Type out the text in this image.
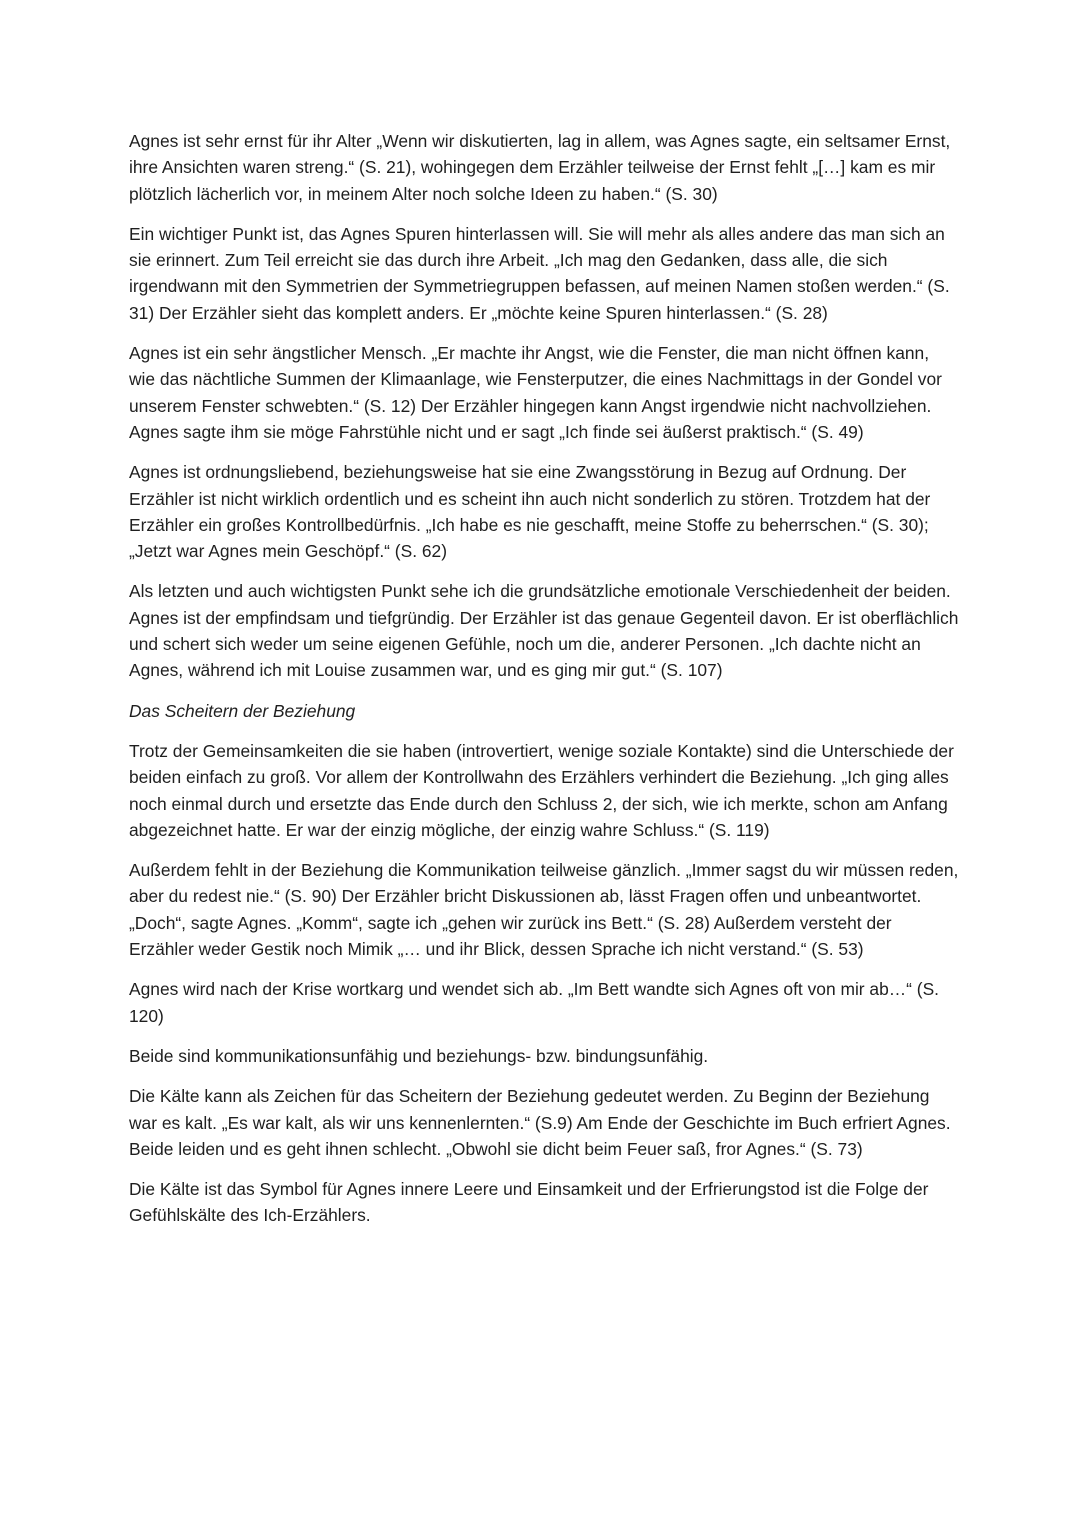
Agnes ist sehr ernst für ihr Alter „Wenn wir diskutierten, lag in allem, was Agnes sagte, ein seltsamer Ernst, ihre Ansichten waren streng.“ (S. 21), wohingegen dem Erzähler teilweise der Ernst fehlt „[…] kam es mir plötzlich lächerlich vor, in meinem Alter noch solche Ideen zu haben.“ (S. 30)

Ein wichtiger Punkt ist, das Agnes Spuren hinterlassen will. Sie will mehr als alles andere das man sich an sie erinnert. Zum Teil erreicht sie das durch ihre Arbeit. „Ich mag den Gedanken, dass alle, die sich irgendwann mit den Symmetrien der Symmetriegruppen befassen, auf meinen Namen stoßen werden.“ (S. 31) Der Erzähler sieht das komplett anders. Er „möchte keine Spuren hinterlassen.“ (S. 28)

Agnes ist ein sehr ängstlicher Mensch. „Er machte ihr Angst, wie die Fenster, die man nicht öffnen kann, wie das nächtliche Summen der Klimaanlage, wie Fensterputzer, die eines Nachmittags in der Gondel vor unserem Fenster schwebten.“ (S. 12) Der Erzähler hingegen kann Angst irgendwie nicht nachvollziehen. Agnes sagte ihm sie möge Fahrstühle nicht und er sagt „Ich finde sei äußerst praktisch.“ (S. 49)

Agnes ist ordnungsliebend, beziehungsweise hat sie eine Zwangsstörung in Bezug auf Ordnung. Der Erzähler ist nicht wirklich ordentlich und es scheint ihn auch nicht sonderlich zu stören. Trotzdem hat der Erzähler ein großes Kontrollbedürfnis. „Ich habe es nie geschafft, meine Stoffe zu beherrschen.“ (S. 30); „Jetzt war Agnes mein Geschöpf.“ (S. 62)

Als letzten und auch wichtigsten Punkt sehe ich die grundsätzliche emotionale Verschiedenheit der beiden. Agnes ist der empfindsam und tiefgründig. Der Erzähler ist das genaue Gegenteil davon. Er ist oberflächlich und schert sich weder um seine eigenen Gefühle, noch um die, anderer Personen. „Ich dachte nicht an Agnes, während ich mit Louise zusammen war, und es ging mir gut.“ (S. 107)

Das Scheitern der Beziehung

Trotz der Gemeinsamkeiten die sie haben (introvertiert, wenige soziale Kontakte) sind die Unterschiede der beiden einfach zu groß. Vor allem der Kontrollwahn des Erzählers verhindert die Beziehung. „Ich ging alles noch einmal durch und ersetzte das Ende durch den Schluss 2, der sich, wie ich merkte, schon am Anfang abgezeichnet hatte. Er war der einzig mögliche, der einzig wahre Schluss.“ (S. 119)

Außerdem fehlt in der Beziehung die Kommunikation teilweise gänzlich. „Immer sagst du wir müssen reden, aber du redest nie.“ (S. 90) Der Erzähler bricht Diskussionen ab, lässt Fragen offen und unbeantwortet. „Doch“, sagte Agnes. „Komm“, sagte ich „gehen wir zurück ins Bett.“ (S. 28) Außerdem versteht der Erzähler weder Gestik noch Mimik „… und ihr Blick, dessen Sprache ich nicht verstand.“ (S. 53)

Agnes wird nach der Krise wortkarg und wendet sich ab. „Im Bett wandte sich Agnes oft von mir ab…“ (S. 120)

Beide sind kommunikationsunfähig und beziehungs- bzw. bindungsunfähig.

Die Kälte kann als Zeichen für das Scheitern der Beziehung gedeutet werden. Zu Beginn der Beziehung war es kalt. „Es war kalt, als wir uns kennenlernten.“ (S.9) Am Ende der Geschichte im Buch erfriert Agnes. Beide leiden und es geht ihnen schlecht. „Obwohl sie dicht beim Feuer saß, fror Agnes.“ (S. 73)

Die Kälte ist das Symbol für Agnes innere Leere und Einsamkeit und der Erfrierungstod ist die Folge der Gefühlskälte des Ich-Erzählers.
